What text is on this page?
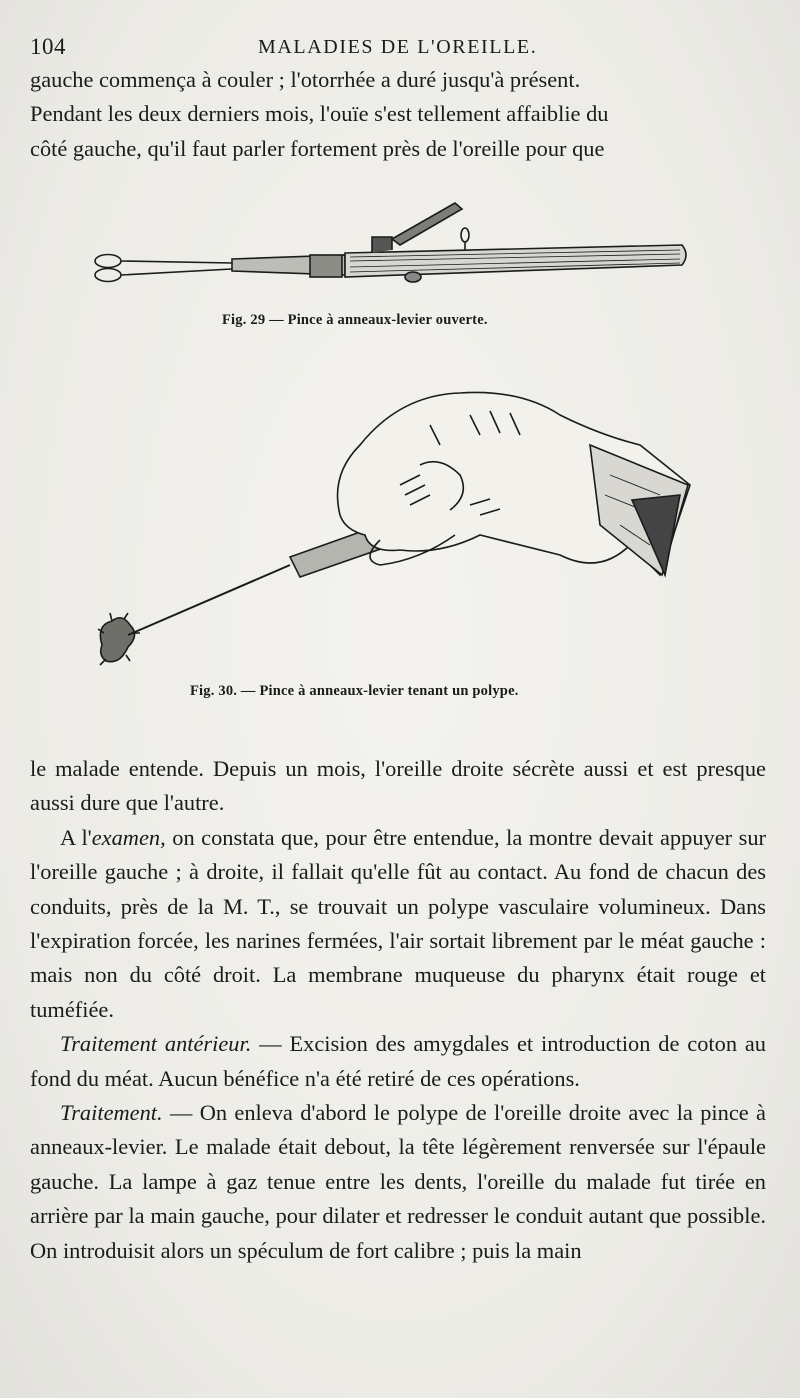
104	MALADIES DE L'OREILLE.

gauche commença à couler ; l'otorrhée a duré jusqu'à présent.

Pendant les deux derniers mois, l'ouïe s'est tellement affaiblie du

côté gauche, qu'il faut parler fortement près de l'oreille pour que

Fig. 29 — Pince à anneaux-levier ouverte.
Fig. 30. — Pince à anneaux-levier tenant un polype.

le malade entende. Depuis un mois, l'oreille droite sécrète aussi et est presque aussi dure que l'autre.

A l'examen, on constata que, pour être entendue, la montre devait appuyer sur l'oreille gauche ; à droite, il fallait qu'elle fût au contact. Au fond de chacun des conduits, près de la M. T., se trouvait un polype vasculaire volumineux. Dans l'expiration forcée, les narines fermées, l'air sortait librement par le méat gauche : mais non du côté droit. La membrane muqueuse du pharynx était rouge et tuméfiée.

Traitement antérieur. — Excision des amygdales et introduction de coton au fond du méat. Aucun bénéfice n'a été retiré de ces opérations.

Traitement. — On enleva d'abord le polype de l'oreille droite avec la pince à anneaux-levier. Le malade était debout, la tête légèrement renversée sur l'épaule gauche. La lampe à gaz tenue entre les dents, l'oreille du malade fut tirée en arrière par la main gauche, pour dilater et redresser le conduit autant que possible. On introduisit alors un spéculum de fort calibre ; puis la main
